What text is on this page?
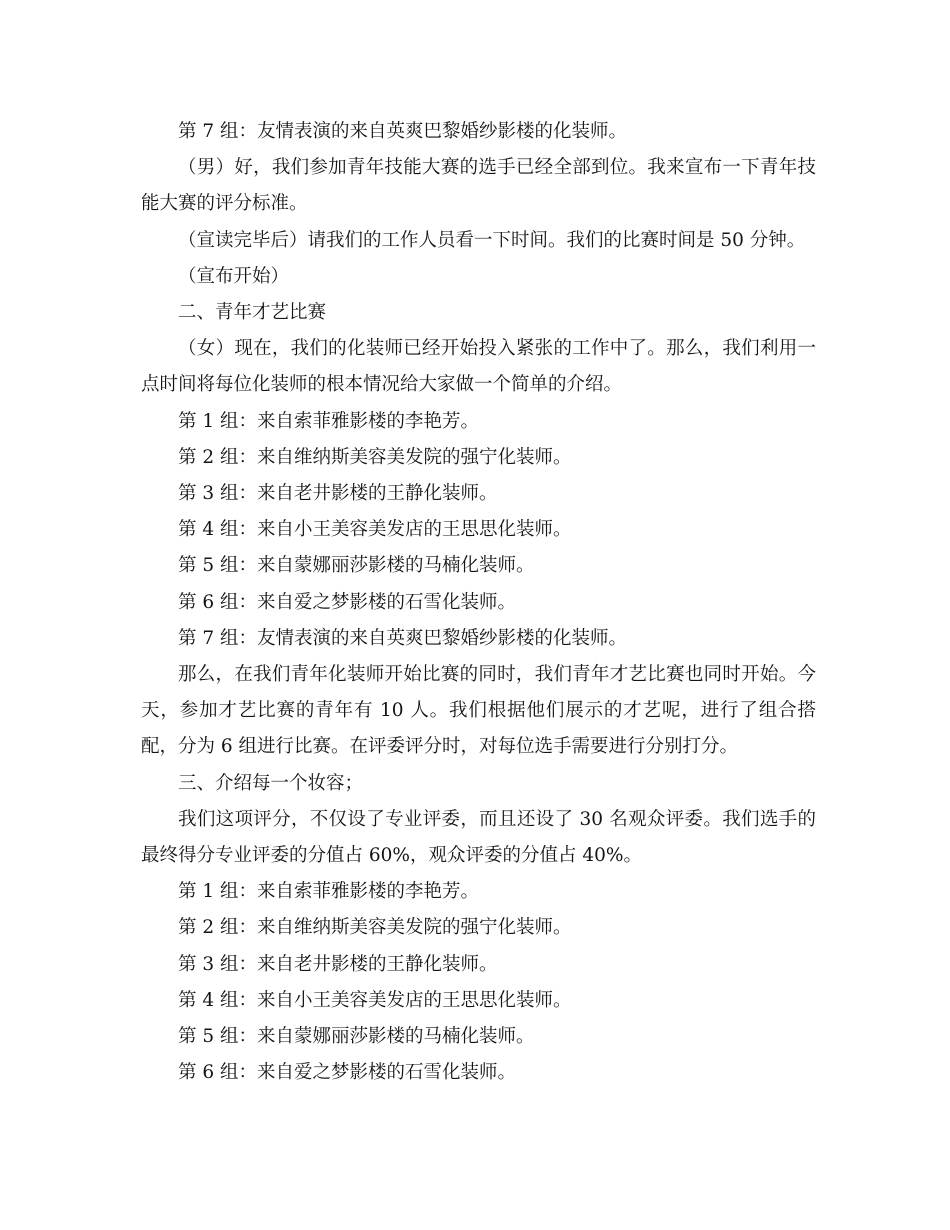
第 7 组：友情表演的来自英爽巴黎婚纱影楼的化装师。

（男）好，我们参加青年技能大赛的选手已经全部到位。我来宣布一下青年技能大赛的评分标准。

（宣读完毕后）请我们的工作人员看一下时间。我们的比赛时间是 50 分钟。

（宣布开始）

二、青年才艺比赛

（女）现在，我们的化装师已经开始投入紧张的工作中了。那么，我们利用一点时间将每位化装师的根本情况给大家做一个简单的介绍。

第 1 组：来自索菲雅影楼的李艳芳。

第 2 组：来自维纳斯美容美发院的强宁化装师。

第 3 组：来自老井影楼的王静化装师。

第 4 组：来自小王美容美发店的王思思化装师。

第 5 组：来自蒙娜丽莎影楼的马楠化装师。

第 6 组：来自爱之梦影楼的石雪化装师。

第 7 组：友情表演的来自英爽巴黎婚纱影楼的化装师。

那么，在我们青年化装师开始比赛的同时，我们青年才艺比赛也同时开始。今天，参加才艺比赛的青年有 10 人。我们根据他们展示的才艺呢，进行了组合搭配，分为 6 组进行比赛。在评委评分时，对每位选手需要进行分别打分。

三、介绍每一个妆容；

我们这项评分，不仅设了专业评委，而且还设了 30 名观众评委。我们选手的最终得分专业评委的分值占 60%，观众评委的分值占 40%。

第 1 组：来自索菲雅影楼的李艳芳。

第 2 组：来自维纳斯美容美发院的强宁化装师。

第 3 组：来自老井影楼的王静化装师。

第 4 组：来自小王美容美发店的王思思化装师。

第 5 组：来自蒙娜丽莎影楼的马楠化装师。

第 6 组：来自爱之梦影楼的石雪化装师。
